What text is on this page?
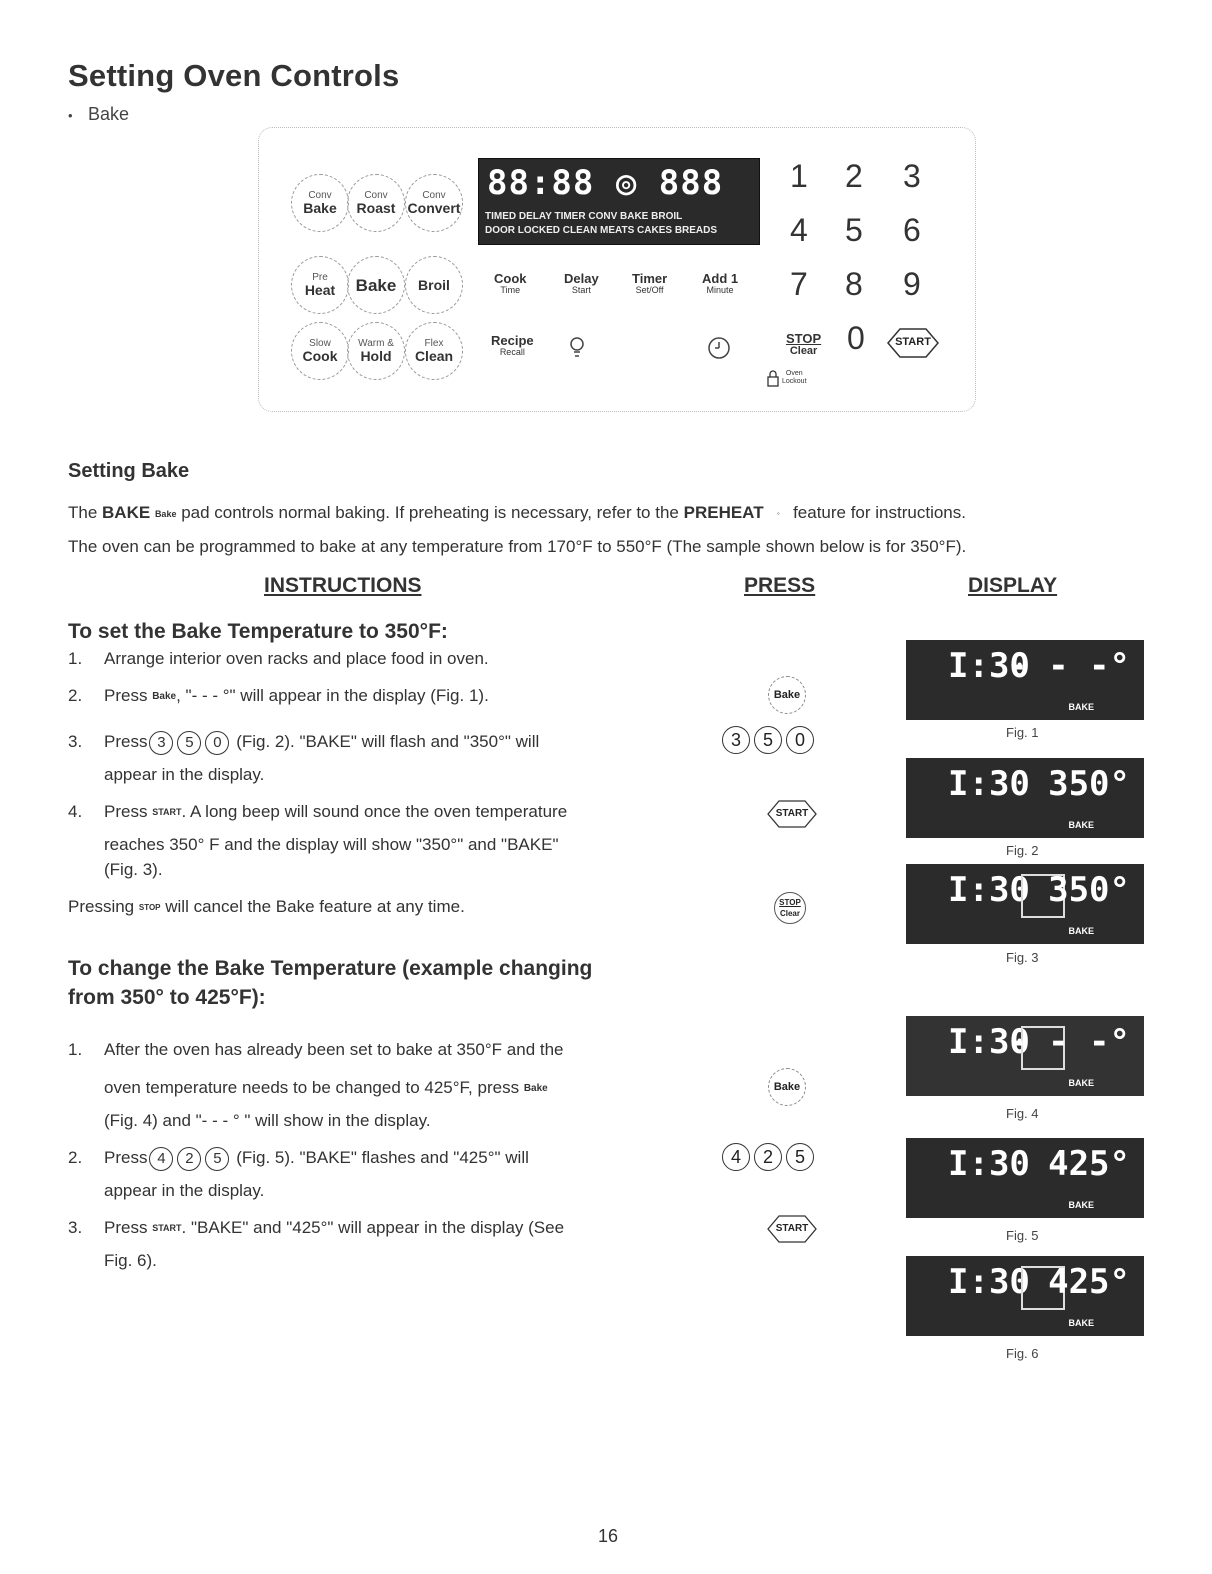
Setting Oven Controls
• Bake
Conv
Bake
Conv
Roast
Conv
Convert
Pre
Heat Bake Broil
Slow
Cook
Warm &
Hold
Flex
Clean
88:88 ◎ 888
TIMED DELAY TIMER CONV BAKE BROIL
DOOR LOCKED CLEAN MEATS CAKES BREADS
Cook
Time
Delay
Start
Timer
Set/Off
Add 1
Minute
Recipe
Recall
1 2 3
4 5 6
7 8 9
0
STOP
Clear
START
Oven
Lockout
Setting Bake

The BAKE Bake pad controls normal baking. If preheating is necessary, refer to the PREHEAT ◦ feature for instructions.

The oven can be programmed to bake at any temperature from 170°F to 550°F (The sample shown below is for 350°F).

INSTRUCTIONS	PRESS	DISPLAY
To set the Bake Temperature to 350°F:
1. Arrange interior oven racks and place food in oven.
2. Press Bake, "- - - °" will appear in the display (Fig. 1).
3. Press 3 5 0 (Fig. 2). "BAKE" will flash and "350°" will
appear in the display.
4. Press START. A long beep will sound once the oven temperature
reaches 350° F and the display will show "350°" and "BAKE"
(Fig. 3).
Pressing STOP will cancel the Bake feature at any time.
Bake
3 5 0
START
STOP
Clear
To change the Bake Temperature (example changing
from 350° to 425°F):
1. After the oven has already been set to bake at 350°F and the
oven temperature needs to be changed to 425°F, press Bake
(Fig. 4) and "- - - ° " will show in the display.
2. Press 4 2 5 (Fig. 5). "BAKE" flashes and "425°" will
appear in the display.
3. Press START. "BAKE" and "425°" will appear in the display (See
Fig. 6).
Bake
4 2 5
START
I:30
- - -°
BAKE
Fig. 1
I:30 350°
BAKE
Fig. 2
I:30 350°
BAKE
Fig. 3
I:30
- - -°
BAKE
Fig. 4
I:30 425°
BAKE
Fig. 5
I:30 425°
BAKE
Fig. 6
16
